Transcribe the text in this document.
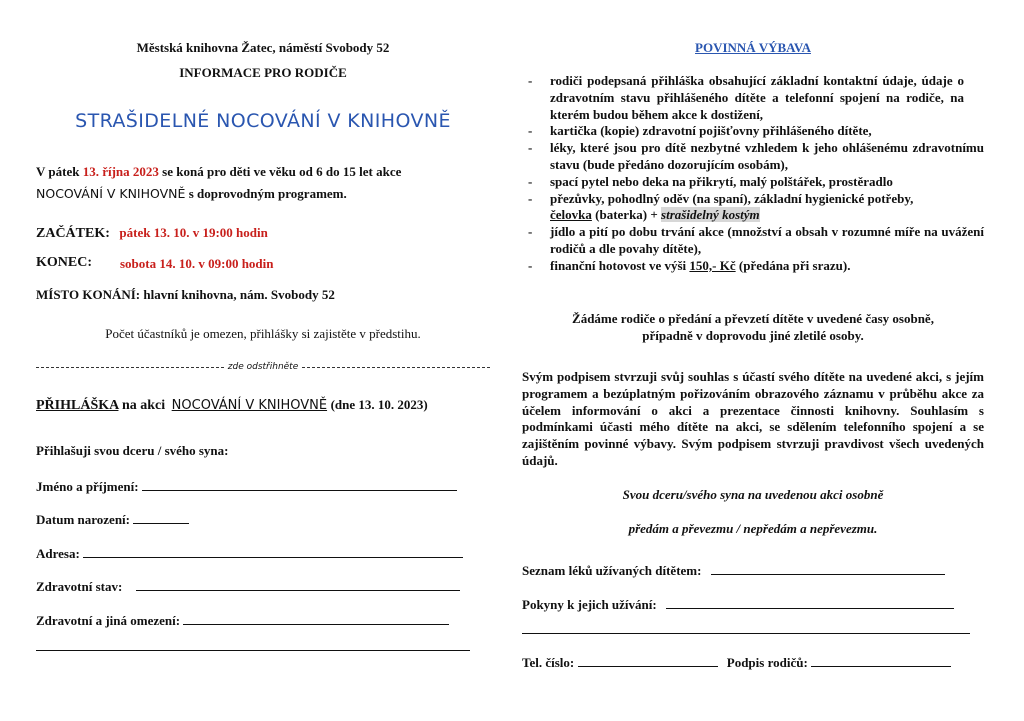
Městská knihovna Žatec, náměstí Svobody 52
INFORMACE PRO RODIČE
STRAŠIDELNÉ NOCOVÁNÍ V KNIHOVNĚ
V pátek 13. října 2023 se koná pro děti ve věku od 6 do 15 let akce
NOCOVÁNÍ V KNIHOVNĚ s doprovodným programem.
ZAČÁTEK: pátek 13. 10. v 19:00 hodin
KONEC: sobota 14. 10. v 09:00 hodin
MÍSTO KONÁNÍ: hlavní knihovna, nám. Svobody 52
Počet účastníků je omezen, přihlášky si zajistěte v předstihu.
zde odstřihněte
PŘIHLÁŠKA na akci NOCOVÁNÍ V KNIHOVNĚ (dne 13. 10. 2023)
Přihlašuji svou dceru / svého syna:
Jméno a příjmení:
Datum narození:
Adresa:
Zdravotní stav:
Zdravotní a jiná omezení:
POVINNÁ VÝBAVA
- rodiči podepsaná přihláška obsahující základní kontaktní údaje, údaje o zdravotním stavu přihlášeného dítěte a telefonní spojení na rodiče, na kterém budou během akce k dostižení,
- kartička (kopie) zdravotní pojišťovny přihlášeného dítěte,
- léky, které jsou pro dítě nezbytné vzhledem k jeho ohlášenému zdravotnímu stavu (bude předáno dozorujícím osobám),
- spací pytel nebo deka na přikrytí, malý polštářek, prostěradlo
- přezůvky, pohodlný oděv (na spaní), základní hygienické potřeby,
čelovka (baterka) + strašidelný kostým
- jídlo a pití po dobu trvání akce (množství a obsah v rozumné míře na uvážení rodičů a dle povahy dítěte),
- finanční hotovost ve výši 150,- Kč (předána při srazu).
Žádáme rodiče o předání a převzetí dítěte v uvedené časy osobně, případně v doprovodu jiné zletilé osoby.
Svým podpisem stvrzuji svůj souhlas s účastí svého dítěte na uvedené akci, s jejím programem a bezúplatným pořizováním obrazového záznamu v průběhu akce za účelem informování o akci a prezentace činnosti knihovny. Souhlasím s podmínkami účasti mého dítěte na akci, se sdělením telefonního spojení a se zajištěním povinné výbavy. Svým podpisem stvrzuji pravdivost všech uvedených údajů.
Svou dceru/svého syna na uvedenou akci osobně
předám a převezmu / nepředám a nepřevezmu.
Seznam léků užívaných dítětem:
Pokyny k jejich užívání:
Tel. číslo:	Podpis rodičů:
